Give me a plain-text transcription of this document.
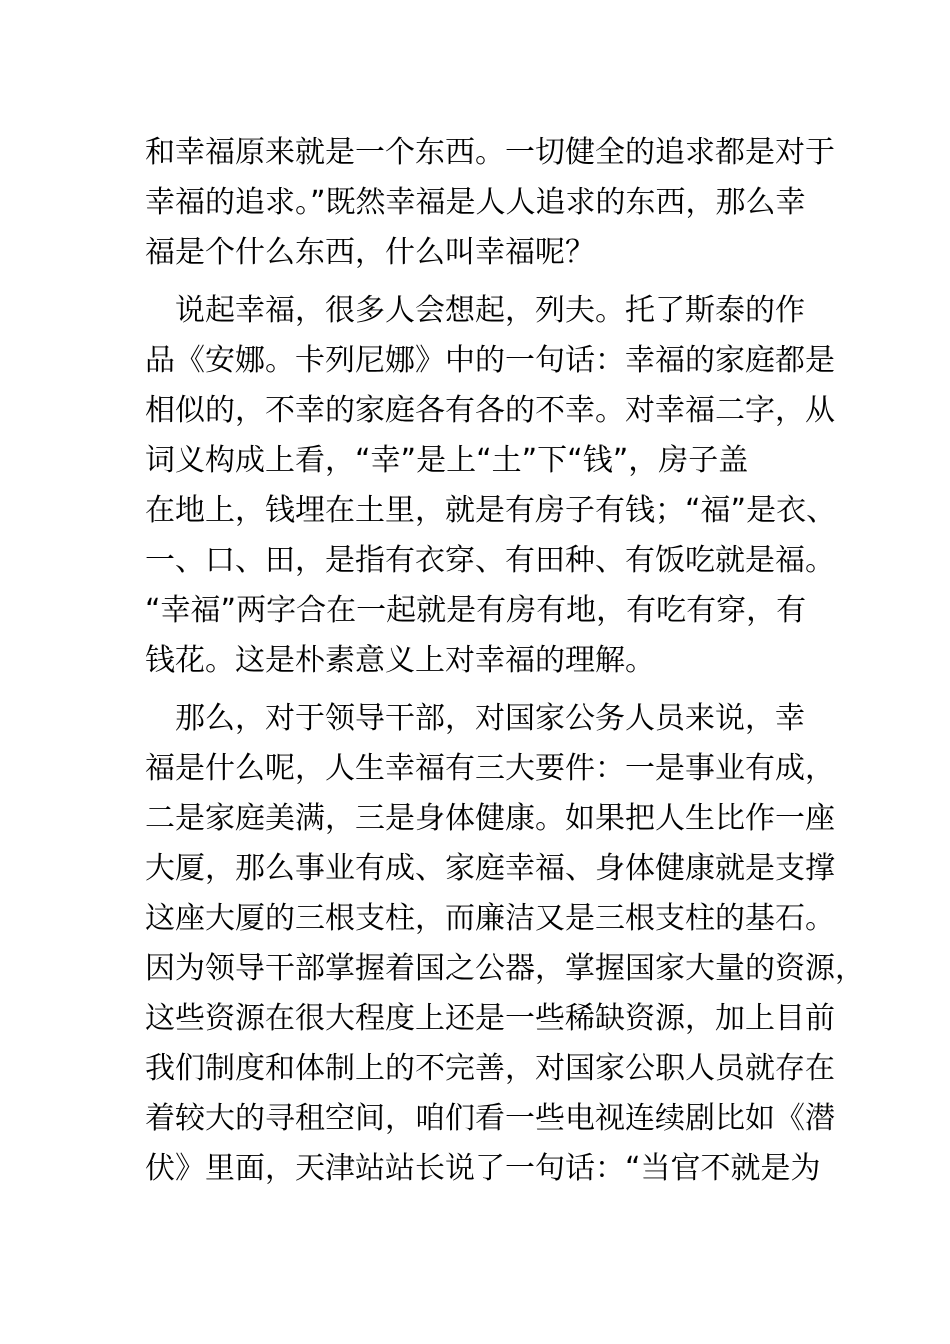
和幸福原来就是一个东西。一切健全的追求都是对于
幸福的追求。”既然幸福是人人追求的东西，那么幸
福是个什么东西，什么叫幸福呢？
　说起幸福，很多人会想起，列夫。托了斯泰的作
品《安娜。卡列尼娜》中的一句话：幸福的家庭都是
相似的，不幸的家庭各有各的不幸。对幸福二字，从
词义构成上看，“幸”是上“土”下“钱”，房子盖
在地上，钱埋在土里，就是有房子有钱；“福”是衣、
一、口、田，是指有衣穿、有田种、有饭吃就是福。
“幸福”两字合在一起就是有房有地，有吃有穿，有
钱花。这是朴素意义上对幸福的理解。
　那么，对于领导干部，对国家公务人员来说，幸
福是什么呢，人生幸福有三大要件：一是事业有成，
二是家庭美满，三是身体健康。如果把人生比作一座
大厦，那么事业有成、家庭幸福、身体健康就是支撑
这座大厦的三根支柱，而廉洁又是三根支柱的基石。
因为领导干部掌握着国之公器，掌握国家大量的资源，
这些资源在很大程度上还是一些稀缺资源，加上目前
我们制度和体制上的不完善，对国家公职人员就存在
着较大的寻租空间，咱们看一些电视连续剧比如《潜
伏》里面，天津站站长说了一句话：“当官不就是为
